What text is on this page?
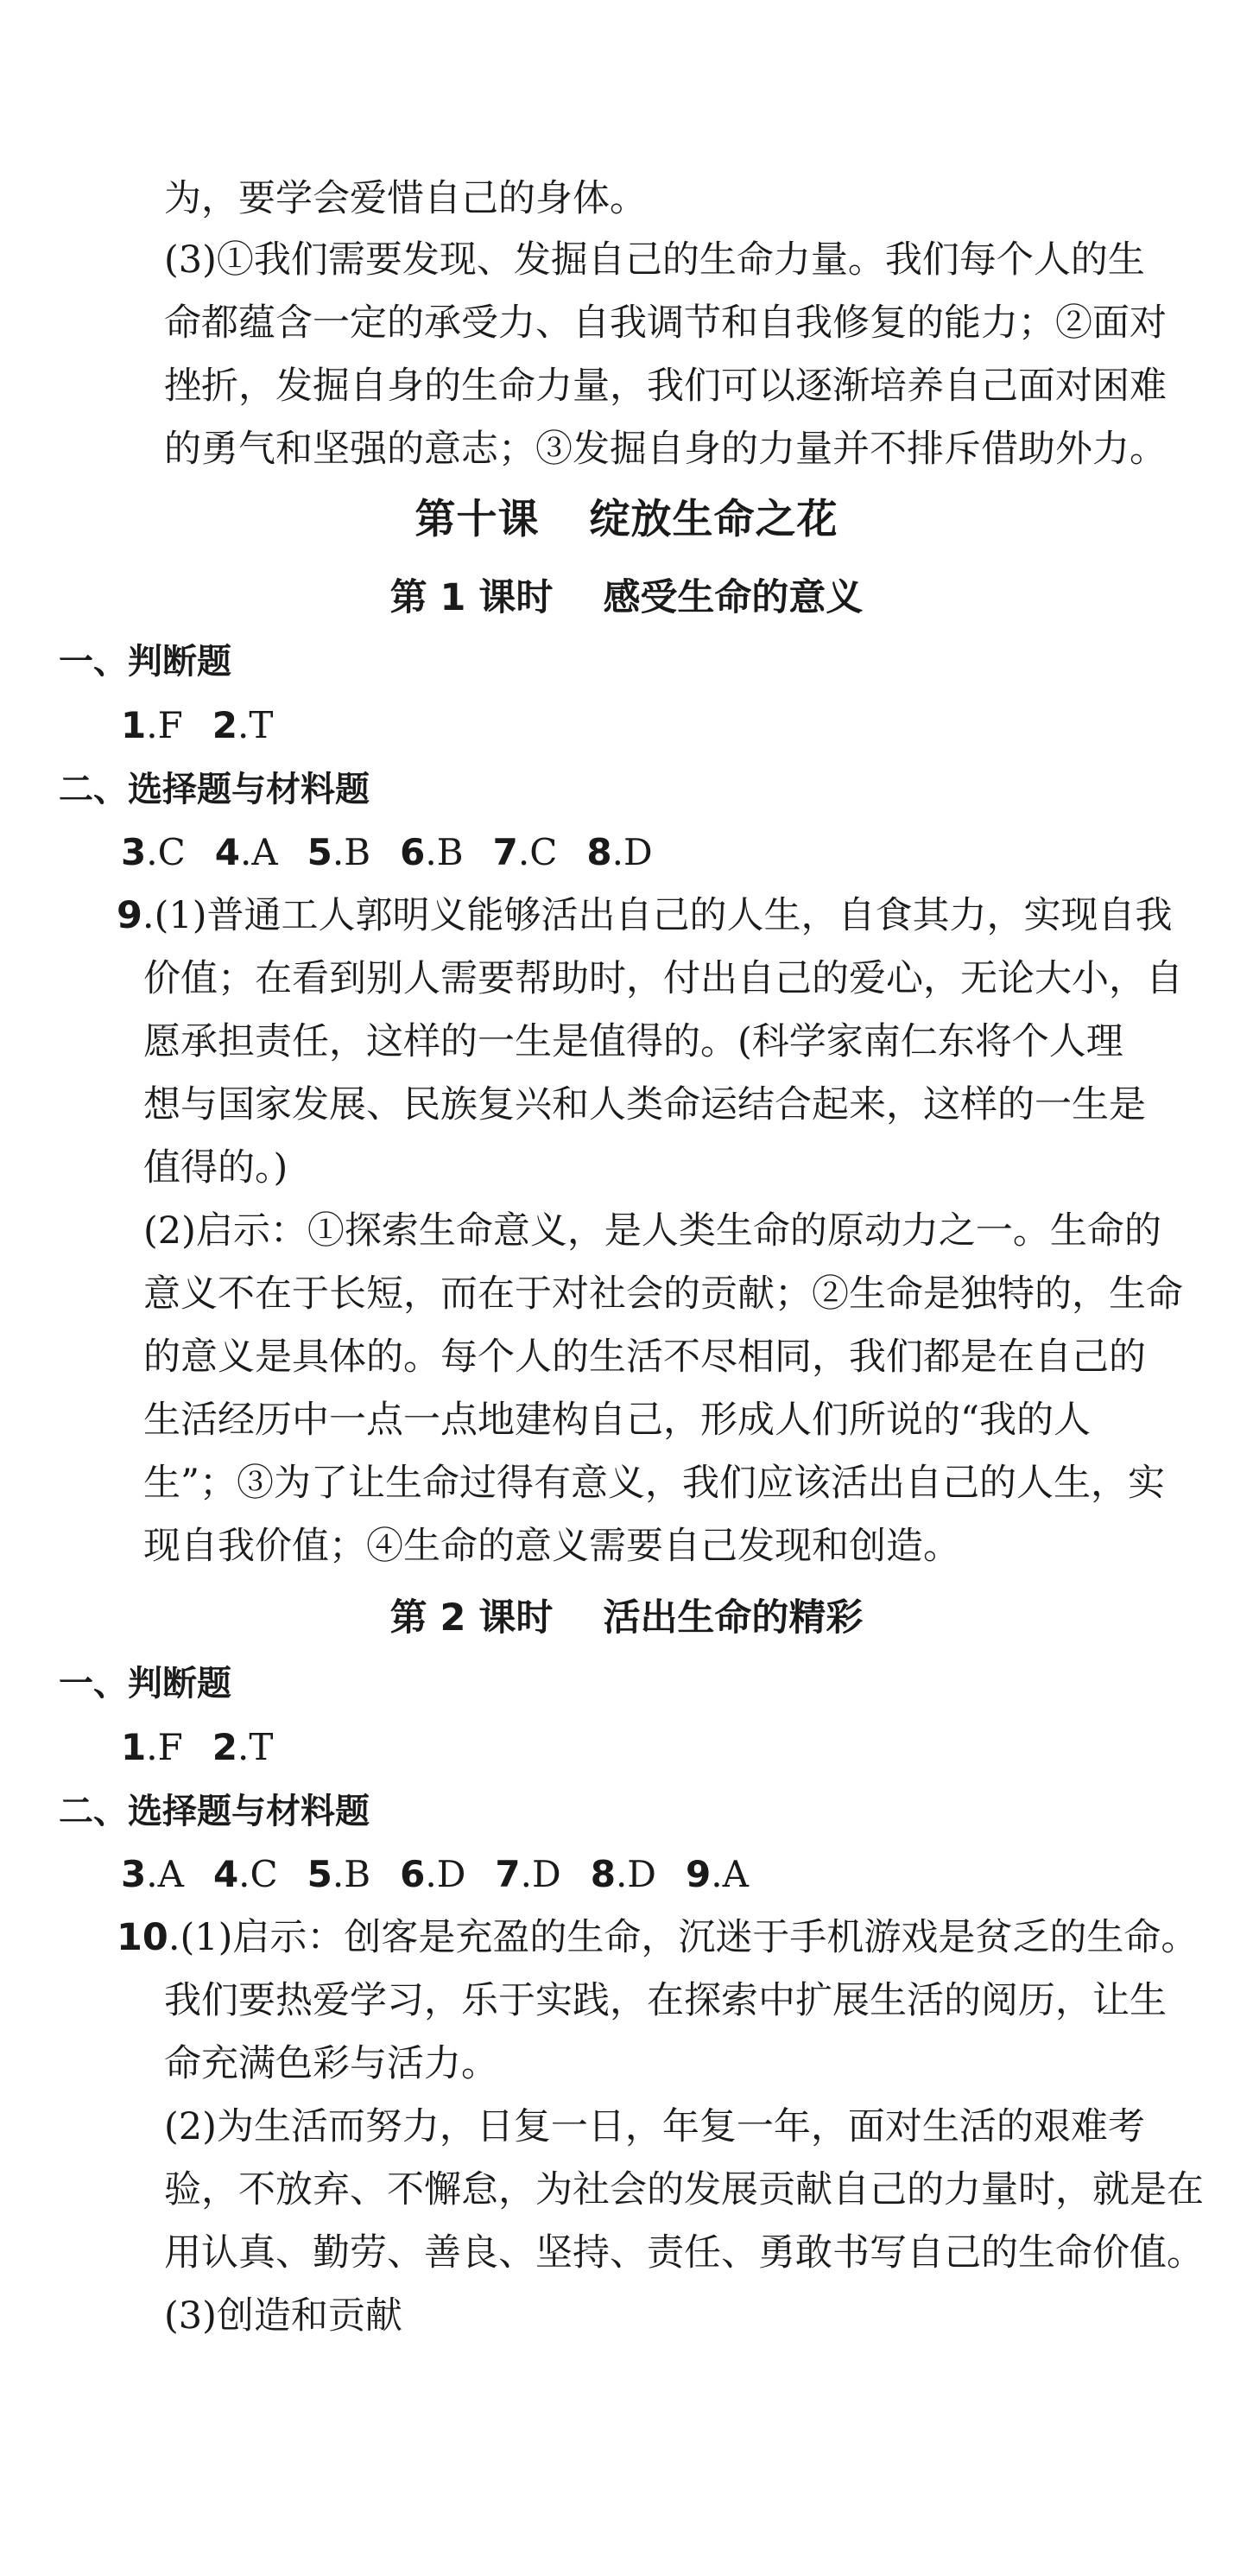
为，要学会爱惜自己的身体。
(3)①我们需要发现、发掘自己的生命力量。我们每个人的生
命都蕴含一定的承受力、自我调节和自我修复的能力；②面对
挫折，发掘自身的生命力量，我们可以逐渐培养自己面对困难
的勇气和坚强的意志；③发掘自身的力量并不排斥借助外力。
第十课 绽放生命之花
第 1 课时 感受生命的意义
一、判断题
1.F 2.T
二、选择题与材料题
3.C 4.A 5.B 6.B 7.C 8.D
9.(1)普通工人郭明义能够活出自己的人生，自食其力，实现自我
价值；在看到别人需要帮助时，付出自己的爱心，无论大小，自
愿承担责任，这样的一生是值得的。(科学家南仁东将个人理
想与国家发展、民族复兴和人类命运结合起来，这样的一生是
值得的。)
(2)启示：①探索生命意义，是人类生命的原动力之一。生命的
意义不在于长短，而在于对社会的贡献；②生命是独特的，生命
的意义是具体的。每个人的生活不尽相同，我们都是在自己的
生活经历中一点一点地建构自己，形成人们所说的“我的人
生”；③为了让生命过得有意义，我们应该活出自己的人生，实
现自我价值；④生命的意义需要自己发现和创造。
第 2 课时 活出生命的精彩
一、判断题
1.F 2.T
二、选择题与材料题
3.A 4.C 5.B 6.D 7.D 8.D 9.A
10.(1)启示：创客是充盈的生命，沉迷于手机游戏是贫乏的生命。
我们要热爱学习，乐于实践，在探索中扩展生活的阅历，让生
命充满色彩与活力。
(2)为生活而努力，日复一日，年复一年，面对生活的艰难考
验，不放弃、不懈怠，为社会的发展贡献自己的力量时，就是在
用认真、勤劳、善良、坚持、责任、勇敢书写自己的生命价值。
(3)创造和贡献
